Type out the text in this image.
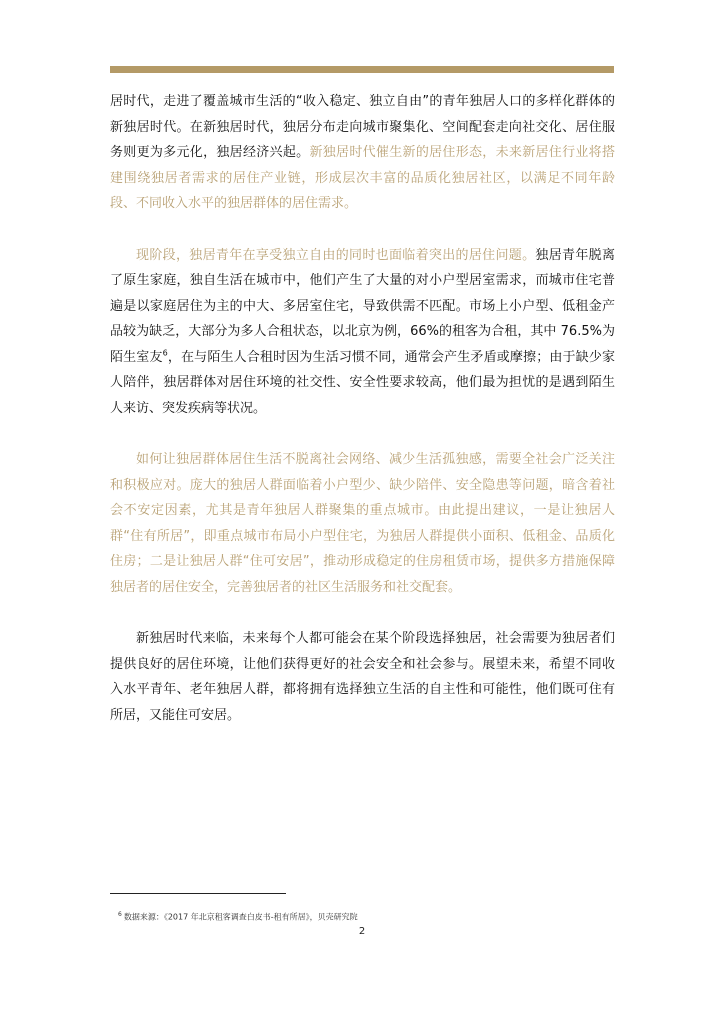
居时代，走进了覆盖城市生活的“收入稳定、独立自由”的青年独居人口的多样化群体的新独居时代。在新独居时代，独居分布走向城市聚集化、空间配套走向社交化、居住服务则更为多元化，独居经济兴起。新独居时代催生新的居住形态，未来新居住行业将搭建围绕独居者需求的居住产业链，形成层次丰富的品质化独居社区，以满足不同年龄段、不同收入水平的独居群体的居住需求。

现阶段，独居青年在享受独立自由的同时也面临着突出的居住问题。独居青年脱离了原生家庭，独自生活在城市中，他们产生了大量的对小户型居室需求，而城市住宅普遍是以家庭居住为主的中大、多居室住宅，导致供需不匹配。市场上小户型、低租金产品较为缺乏，大部分为多人合租状态，以北京为例，66%的租客为合租，其中 76.5%为陌生室友$^6$，在与陌生人合租时因为生活习惯不同，通常会产生矛盾或摩擦；由于缺少家人陪伴，独居群体对居住环境的社交性、安全性要求较高，他们最为担忧的是遇到陌生人来访、突发疾病等状况。

如何让独居群体居住生活不脱离社会网络、减少生活孤独感，需要全社会广泛关注和积极应对。庞大的独居人群面临着小户型少、缺少陪伴、安全隐患等问题，暗含着社会不安定因素，尤其是青年独居人群聚集的重点城市。由此提出建议，一是让独居人群“住有所居”，即重点城市布局小户型住宅，为独居人群提供小面积、低租金、品质化住房；二是让独居人群“住可安居”，推动形成稳定的住房租赁市场，提供多方措施保障独居者的居住安全，完善独居者的社区生活服务和社交配套。

新独居时代来临，未来每个人都可能会在某个阶段选择独居，社会需要为独居者们提供良好的居住环境，让他们获得更好的社会安全和社会参与。展望未来，希望不同收入水平青年、老年独居人群，都将拥有选择独立生活的自主性和可能性，他们既可住有所居，又能住可安居。

$^6$ 数据来源：《2017 年北京租客调查白皮书-租有所居》，贝壳研究院
2
